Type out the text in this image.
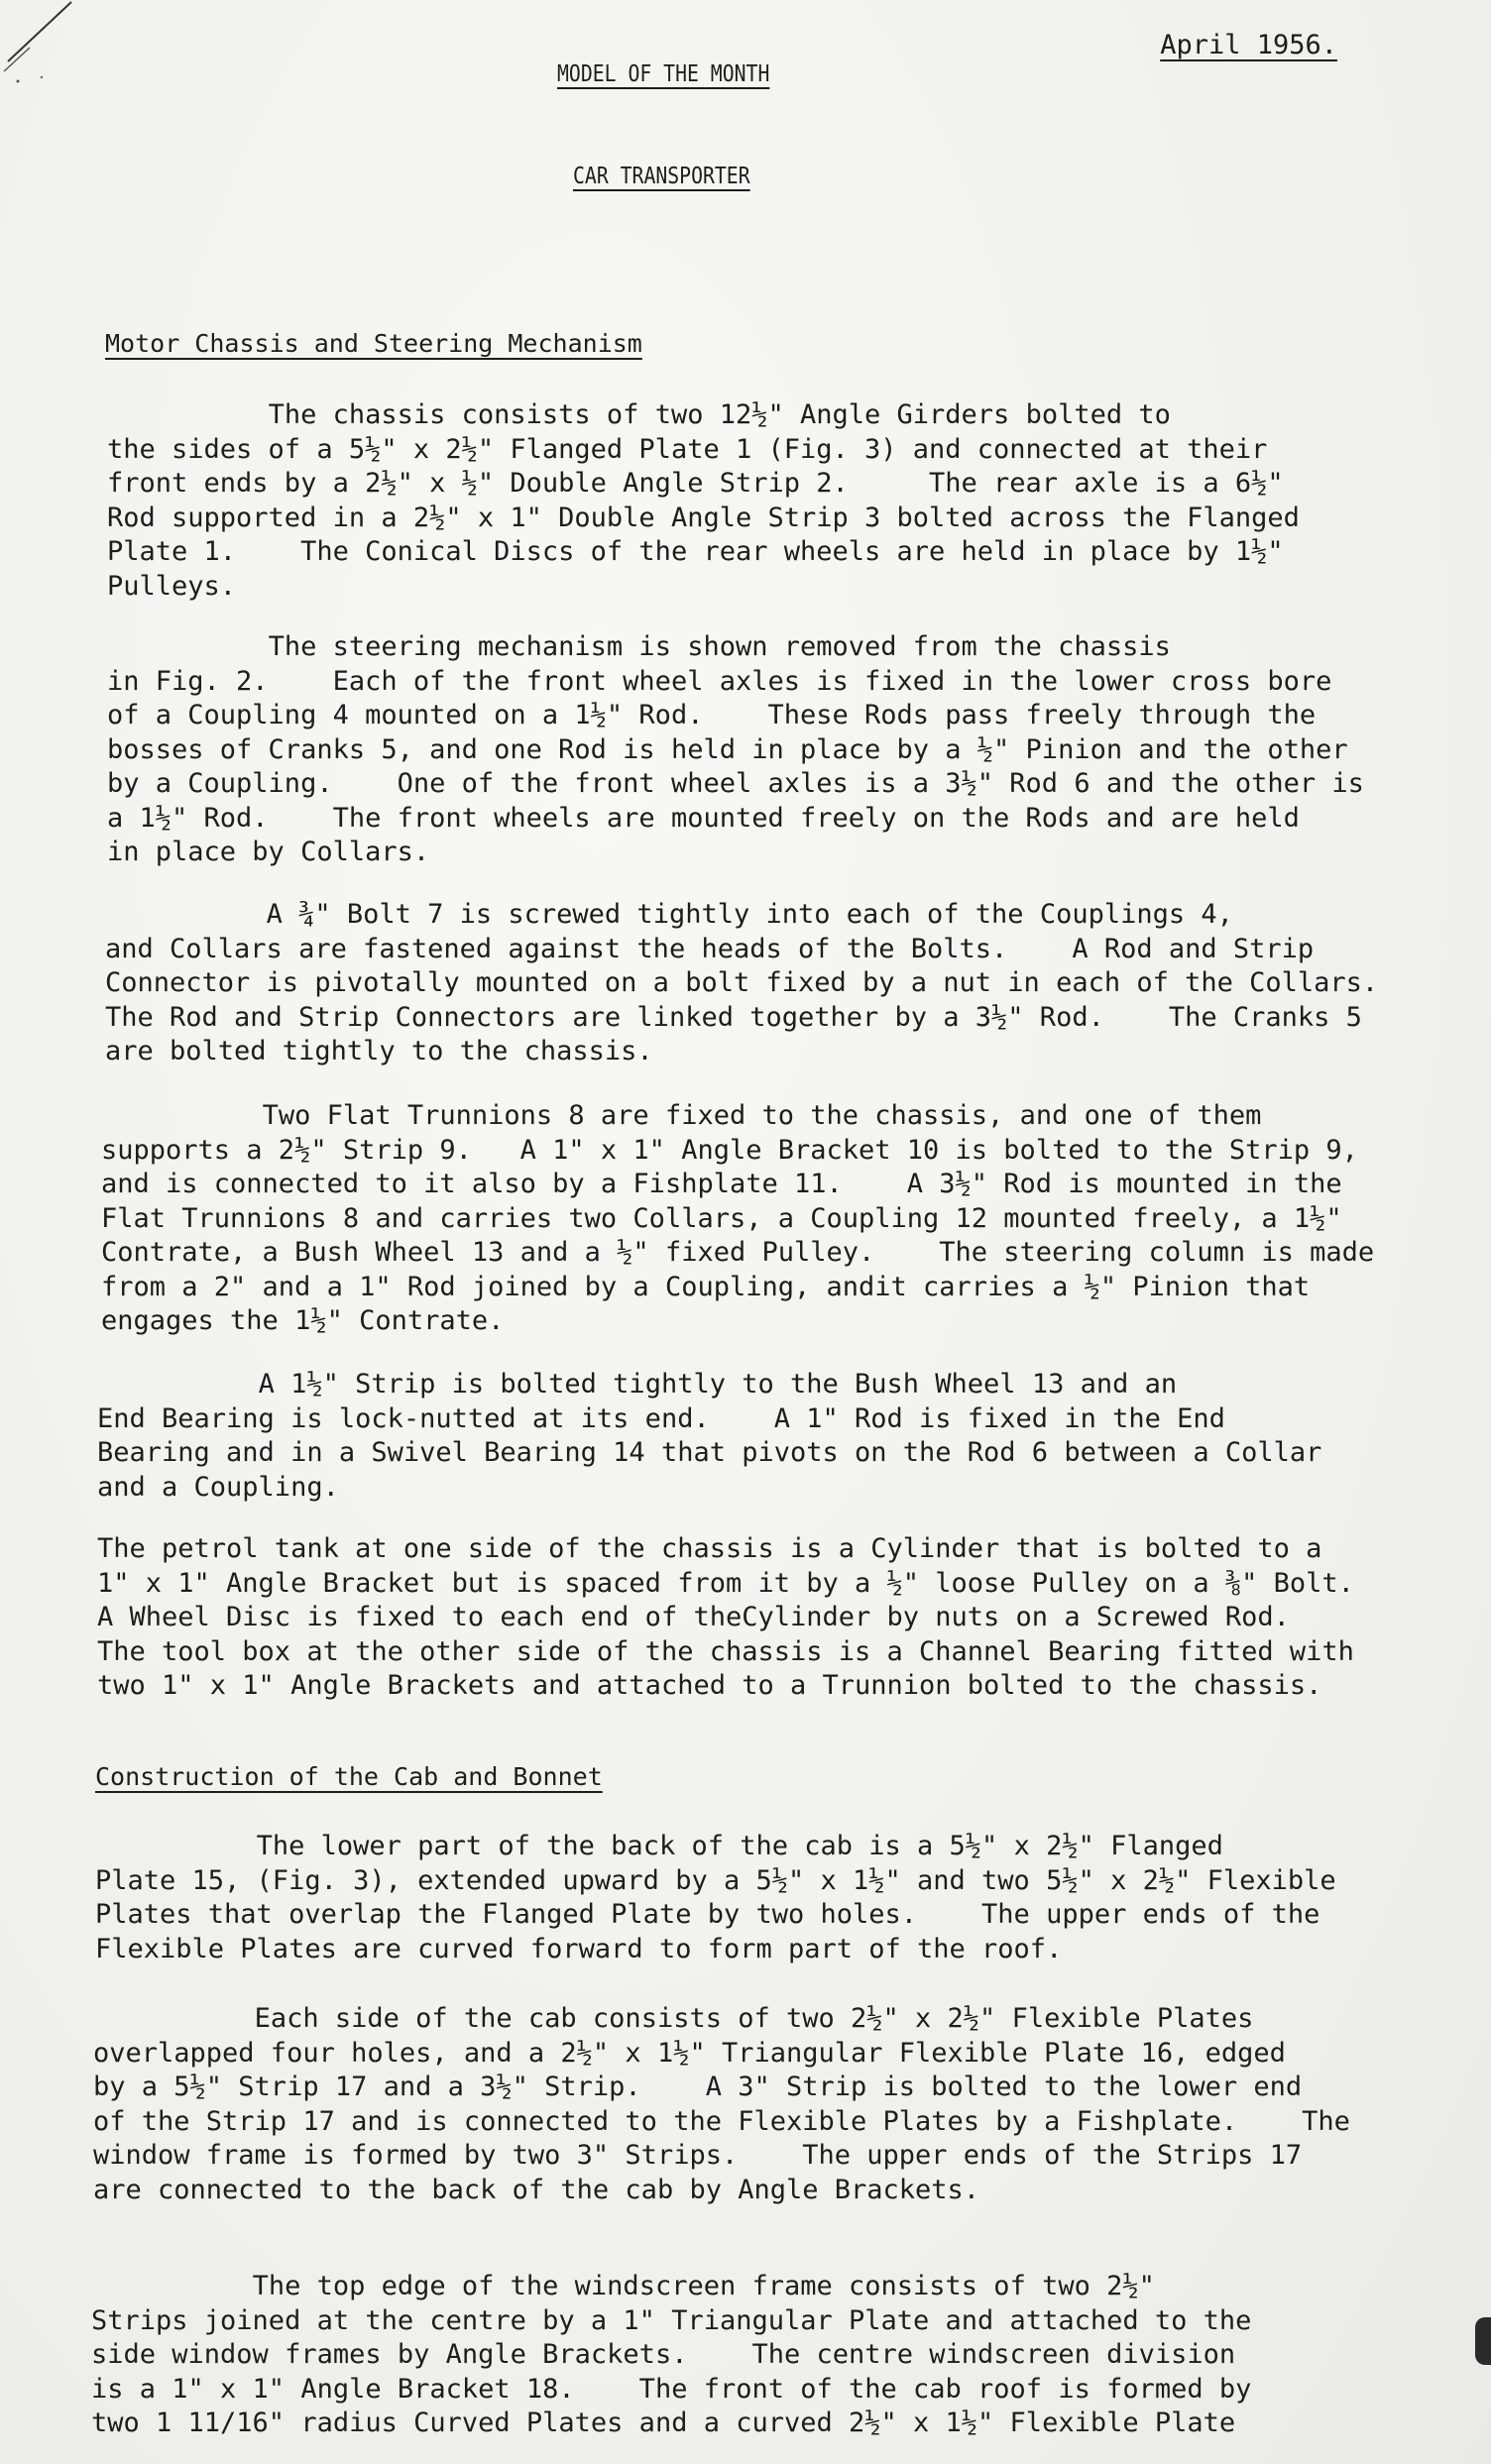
April 1956.
MODEL OF THE MONTH
CAR TRANSPORTER
Motor Chassis and Steering Mechanism

The chassis consists of two 12½" Angle Girders bolted to
the sides of a 5½" x 2½" Flanged Plate 1 (Fig. 3) and connected at their
front ends by a 2½" x ½" Double Angle Strip 2.     The rear axle is a 6½"
Rod supported in a 2½" x 1" Double Angle Strip 3 bolted across the Flanged
Plate 1.    The Conical Discs of the rear wheels are held in place by 1½"
Pulleys.

The steering mechanism is shown removed from the chassis
in Fig. 2.    Each of the front wheel axles is fixed in the lower cross bore
of a Coupling 4 mounted on a 1½" Rod.    These Rods pass freely through the
bosses of Cranks 5, and one Rod is held in place by a ½" Pinion and the other
by a Coupling.    One of the front wheel axles is a 3½" Rod 6 and the other is
a 1½" Rod.    The front wheels are mounted freely on the Rods and are held
in place by Collars.

A ¾" Bolt 7 is screwed tightly into each of the Couplings 4,
and Collars are fastened against the heads of the Bolts.    A Rod and Strip
Connector is pivotally mounted on a bolt fixed by a nut in each of the Collars.
The Rod and Strip Connectors are linked together by a 3½" Rod.    The Cranks 5
are bolted tightly to the chassis.

Two Flat Trunnions 8 are fixed to the chassis, and one of them
supports a 2½" Strip 9.   A 1" x 1" Angle Bracket 10 is bolted to the Strip 9,
and is connected to it also by a Fishplate 11.    A 3½" Rod is mounted in the
Flat Trunnions 8 and carries two Collars, a Coupling 12 mounted freely, a 1½"
Contrate, a Bush Wheel 13 and a ½" fixed Pulley.    The steering column is made
from a 2" and a 1" Rod joined by a Coupling, andit carries a ½" Pinion that
engages the 1½" Contrate.

A 1½" Strip is bolted tightly to the Bush Wheel 13 and an
End Bearing is lock-nutted at its end.    A 1" Rod is fixed in the End
Bearing and in a Swivel Bearing 14 that pivots on the Rod 6 between a Collar
and a Coupling.

The petrol tank at one side of the chassis is a Cylinder that is bolted to a
1" x 1" Angle Bracket but is spaced from it by a ½" loose Pulley on a ⅜" Bolt.
A Wheel Disc is fixed to each end of theCylinder by nuts on a Screwed Rod.
The tool box at the other side of the chassis is a Channel Bearing fitted with
two 1" x 1" Angle Brackets and attached to a Trunnion bolted to the chassis.

Construction of the Cab and Bonnet

The lower part of the back of the cab is a 5½" x 2½" Flanged
Plate 15, (Fig. 3), extended upward by a 5½" x 1½" and two 5½" x 2½" Flexible
Plates that overlap the Flanged Plate by two holes.    The upper ends of the
Flexible Plates are curved forward to form part of the roof.

Each side of the cab consists of two 2½" x 2½" Flexible Plates
overlapped four holes, and a 2½" x 1½" Triangular Flexible Plate 16, edged
by a 5½" Strip 17 and a 3½" Strip.    A 3" Strip is bolted to the lower end
of the Strip 17 and is connected to the Flexible Plates by a Fishplate.    The
window frame is formed by two 3" Strips.    The upper ends of the Strips 17
are connected to the back of the cab by Angle Brackets.

The top edge of the windscreen frame consists of two 2½"
Strips joined at the centre by a 1" Triangular Plate and attached to the
side window frames by Angle Brackets.    The centre windscreen division
is a 1" x 1" Angle Bracket 18.    The front of the cab roof is formed by
two 1 11/16" radius Curved Plates and a curved 2½" x 1½" Flexible Plate
